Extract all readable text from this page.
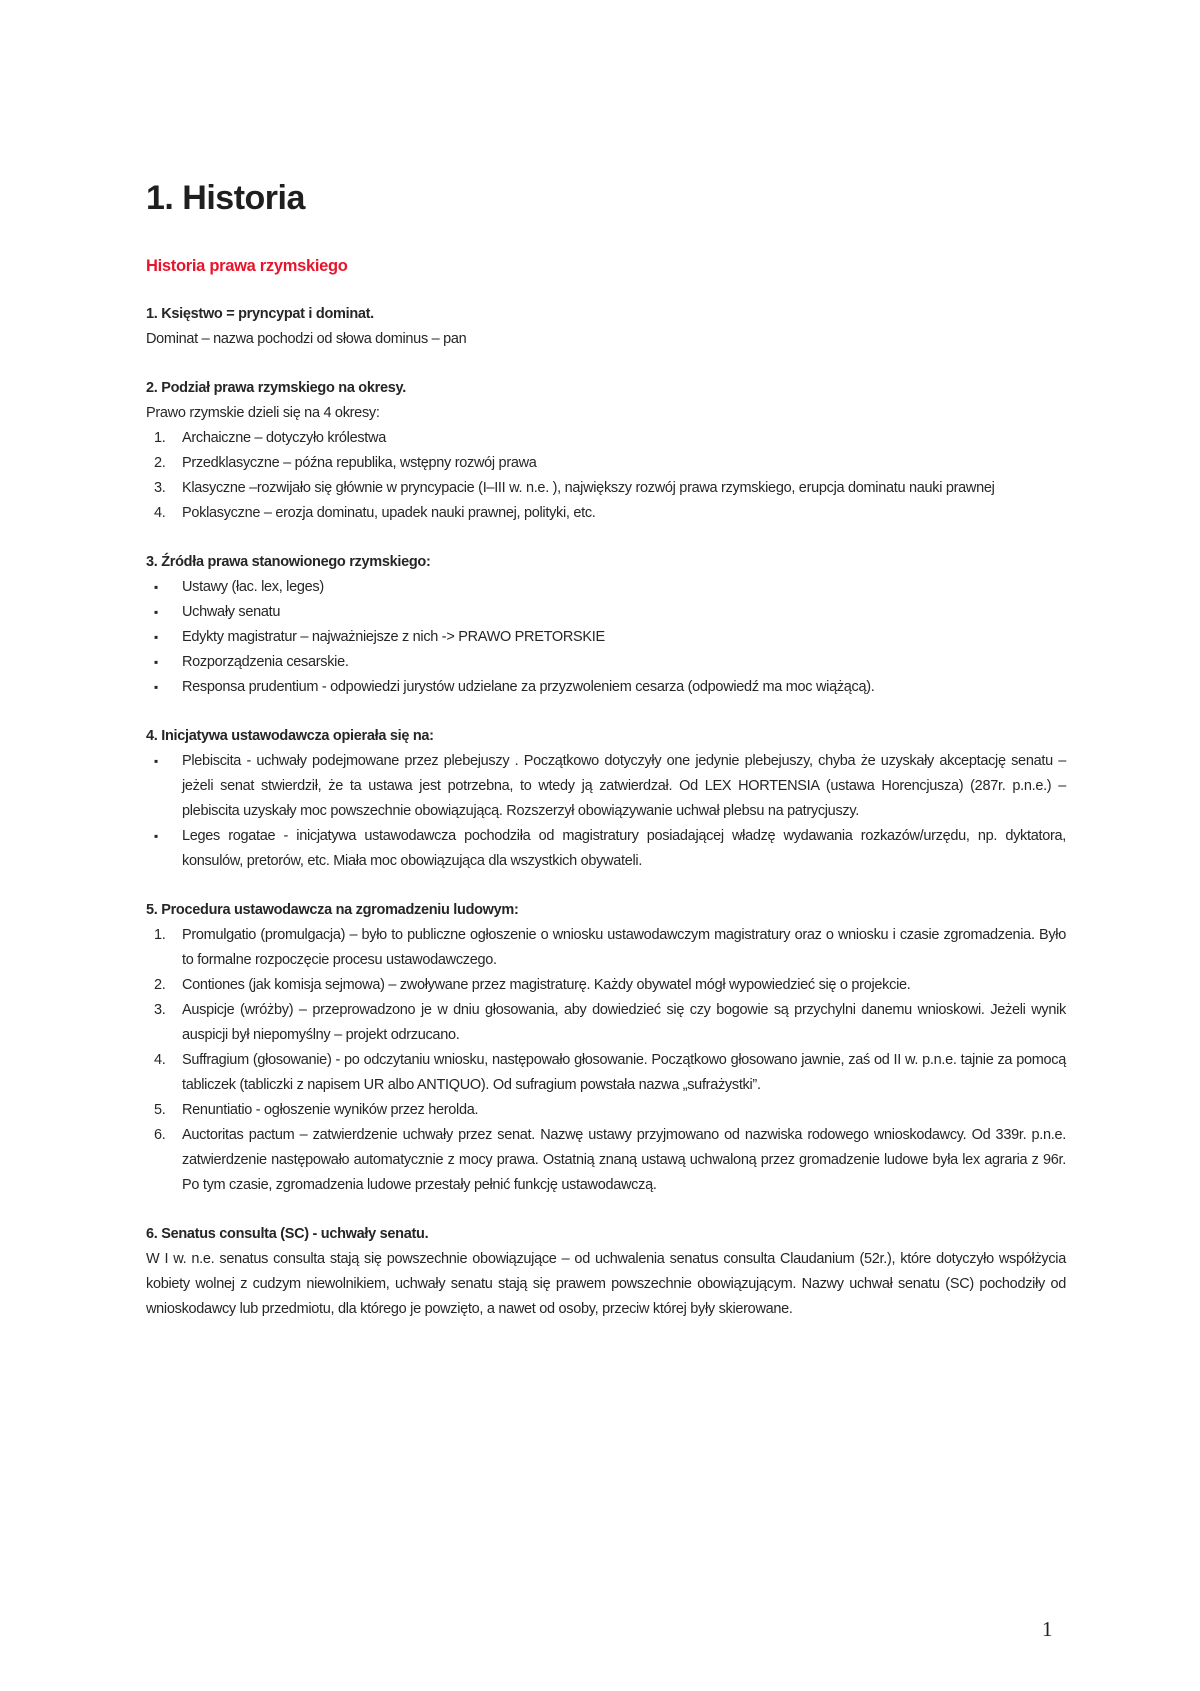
1. Historia
Historia prawa rzymskiego
1. Księstwo = pryncypat i dominat.
Dominat – nazwa pochodzi od słowa dominus – pan
2. Podział prawa rzymskiego na okresy.
Prawo rzymskie dzieli się na 4 okresy:
1. Archaiczne – dotyczyło królestwa
2. Przedklasyczne – późna republika, wstępny rozwój prawa
3. Klasyczne –rozwijało się głównie w pryncypacie (I–III w. n.e. ), największy rozwój prawa rzymskiego, erupcja dominatu nauki prawnej
4. Poklasyczne – erozja dominatu, upadek nauki prawnej, polityki, etc.
3. Źródła prawa stanowionego rzymskiego:
▪ Ustawy (łac. lex, leges)
▪ Uchwały senatu
▪ Edykty magistratur – najważniejsze z nich -> PRAWO PRETORSKIE
▪ Rozporządzenia cesarskie.
▪ Responsa prudentium - odpowiedzi jurystów udzielane za przyzwoleniem cesarza (odpowiedź ma moc wiążącą).
4. Inicjatywa ustawodawcza opierała się na:
▪ Plebiscita - uchwały podejmowane przez plebejuszy . Początkowo dotyczyły one jedynie plebejuszy, chyba że uzyskały akceptację senatu –jeżeli senat stwierdził, że ta ustawa jest potrzebna, to wtedy ją zatwierdzał. Od LEX HORTENSIA (ustawa Horencjusza) (287r. p.n.e.) – plebiscita uzyskały moc powszechnie obowiązującą. Rozszerzył obowiązywanie uchwał plebsu na patrycjuszy.
▪ Leges rogatae - inicjatywa ustawodawcza pochodziła od magistratury posiadającej władzę wydawania rozkazów/urzędu, np. dyktatora, konsulów, pretorów, etc. Miała moc obowiązująca dla wszystkich obywateli.
5. Procedura ustawodawcza na zgromadzeniu ludowym:
1. Promulgatio (promulgacja) – było to publiczne ogłoszenie o wniosku ustawodawczym magistratury oraz o wniosku i czasie zgromadzenia. Było to formalne rozpoczęcie procesu ustawodawczego.
2. Contiones (jak komisja sejmowa) – zwoływane przez magistraturę. Każdy obywatel mógł wypowiedzieć się o projekcie.
3. Auspicje (wróżby) – przeprowadzono je w dniu głosowania, aby dowiedzieć się czy bogowie są przychylni danemu wnioskowi. Jeżeli wynik auspicji był niepomyślny – projekt odrzucano.
4. Suffragium (głosowanie) - po odczytaniu wniosku, następowało głosowanie. Początkowo głosowano jawnie, zaś od II w. p.n.e. tajnie za pomocą tabliczek (tabliczki z napisem UR albo ANTIQUO). Od sufragium powstała nazwa „sufrażystki”.
5. Renuntiatio - ogłoszenie wyników przez herolda.
6. Auctoritas pactum – zatwierdzenie uchwały przez senat. Nazwę ustawy przyjmowano od nazwiska rodowego wnioskodawcy. Od 339r. p.n.e. zatwierdzenie następowało automatycznie z mocy prawa. Ostatnią znaną ustawą uchwaloną przez gromadzenie ludowe była lex agraria z 96r. Po tym czasie, zgromadzenia ludowe przestały pełnić funkcję ustawodawczą.
6. Senatus consulta (SC) - uchwały senatu.
W I w. n.e. senatus consulta stają się powszechnie obowiązujące – od uchwalenia senatus consulta Claudanium (52r.), które dotyczyło współżycia kobiety wolnej z cudzym niewolnikiem, uchwały senatu stają się prawem powszechnie obowiązującym. Nazwy uchwał senatu (SC) pochodziły od wnioskodawcy lub przedmiotu, dla którego je powzięto, a nawet od osoby, przeciw której były skierowane.
1
